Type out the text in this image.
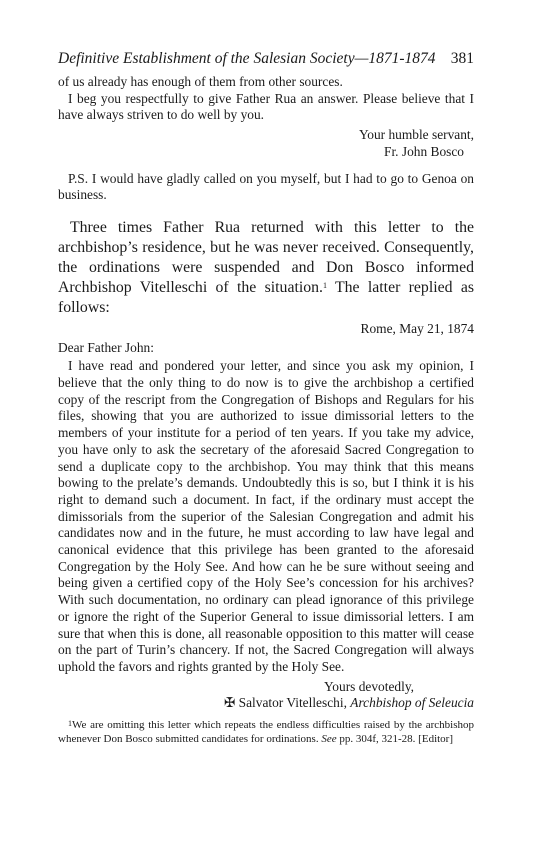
Definitive Establishment of the Salesian Society—1871-1874 381

of us already has enough of them from other sources.

I beg you respectfully to give Father Rua an answer. Please believe that I have always striven to do well by you.

Your humble servant,

Fr. John Bosco

P.S. I would have gladly called on you myself, but I had to go to Genoa on business.

Three times Father Rua returned with this letter to the archbishop’s residence, but he was never received. Consequently, the ordinations were suspended and Don Bosco informed Archbishop Vitelleschi of the situation.$^1$ The latter replied as follows:

Rome, May 21, 1874

Dear Father John:

I have read and pondered your letter, and since you ask my opinion, I believe that the only thing to do now is to give the archbishop a certified copy of the rescript from the Congregation of Bishops and Regulars for his files, showing that you are authorized to issue dimissorial letters to the members of your institute for a period of ten years. If you take my advice, you have only to ask the secretary of the aforesaid Sacred Congregation to send a duplicate copy to the archbishop. You may think that this means bowing to the prelate’s demands. Undoubtedly this is so, but I think it is his right to demand such a document. In fact, if the ordinary must accept the dimissorials from the superior of the Salesian Congregation and admit his candidates now and in the future, he must according to law have legal and canonical evidence that this privilege has been granted to the aforesaid Congregation by the Holy See. And how can he be sure without seeing and being given a certified copy of the Holy See’s concession for his archives? With such documentation, no ordinary can plead ignorance of this privilege or ignore the right of the Superior General to issue dimissorial letters. I am sure that when this is done, all reasonable opposition to this matter will cease on the part of Turin’s chancery. If not, the Sacred Congregation will always uphold the favors and rights granted by the Holy See.

Yours devotedly,

✠ Salvator Vitelleschi, Archbishop of Seleucia

$^1$We are omitting this letter which repeats the endless difficulties raised by the archbishop whenever Don Bosco submitted candidates for ordinations. See pp. 304f, 321-28. [Editor]
